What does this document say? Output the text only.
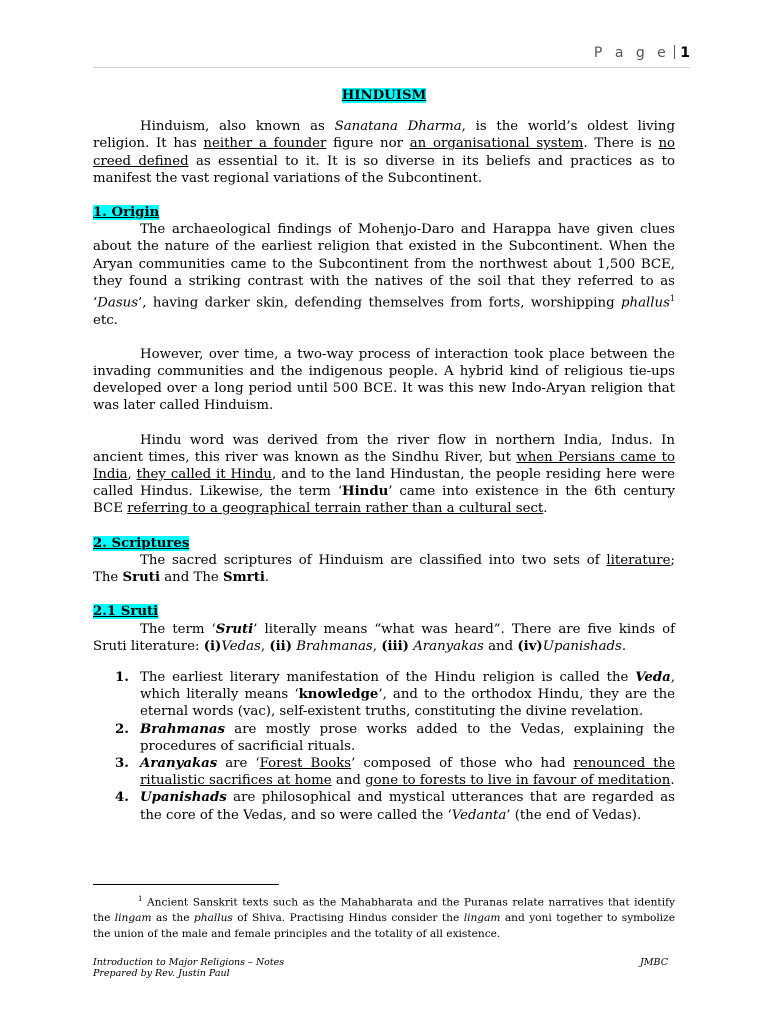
P a g e 1

HINDUISM

Hinduism, also known as Sanatana Dharma, is the world’s oldest living religion. It has neither a founder figure nor an organisational system. There is no creed defined as essential to it. It is so diverse in its beliefs and practices as to manifest the vast regional variations of the Subcontinent.

1. Origin

The archaeological findings of Mohenjo-Daro and Harappa have given clues about the nature of the earliest religion that existed in the Subcontinent. When the Aryan communities came to the Subcontinent from the northwest about 1,500 BCE, they found a striking contrast with the natives of the soil that they referred to as ‘Dasus’, having darker skin, defending themselves from forts, worshipping phallus$^1$ etc.

However, over time, a two-way process of interaction took place between the invading communities and the indigenous people. A hybrid kind of religious tie-ups developed over a long period until 500 BCE. It was this new Indo-Aryan religion that was later called Hinduism.

Hindu word was derived from the river flow in northern India, Indus. In ancient times, this river was known as the Sindhu River, but when Persians came to India, they called it Hindu, and to the land Hindustan, the people residing here were called Hindus. Likewise, the term ‘Hindu’ came into existence in the 6th century BCE referring to a geographical terrain rather than a cultural sect.

2. Scriptures

The sacred scriptures of Hinduism are classified into two sets of literature; The Sruti and The Smrti.

2.1 Sruti

The term ‘Sruti’ literally means “what was heard”. There are five kinds of Sruti literature: (i)Vedas, (ii) Brahmanas, (iii) Aranyakas and (iv)Upanishads.

1. The earliest literary manifestation of the Hindu religion is called the Veda, which literally means ‘knowledge’, and to the orthodox Hindu, they are the eternal words (vac), self-existent truths, constituting the divine revelation.
2. Brahmanas are mostly prose works added to the Vedas, explaining the procedures of sacrificial rituals.
3. Aranyakas are ‘Forest Books’ composed of those who had renounced the ritualistic sacrifices at home and gone to forests to live in favour of meditation.
4. Upanishads are philosophical and mystical utterances that are regarded as the core of the Vedas, and so were called the ‘Vedanta’ (the end of Vedas).

$^1$ Ancient Sanskrit texts such as the Mahabharata and the Puranas relate narratives that identify the lingam as the phallus of Shiva. Practising Hindus consider the lingam and yoni together to symbolize the union of the male and female principles and the totality of all existence.

Introduction to Major Religions – Notes
Prepared by Rev. Justin Paul
JMBC
